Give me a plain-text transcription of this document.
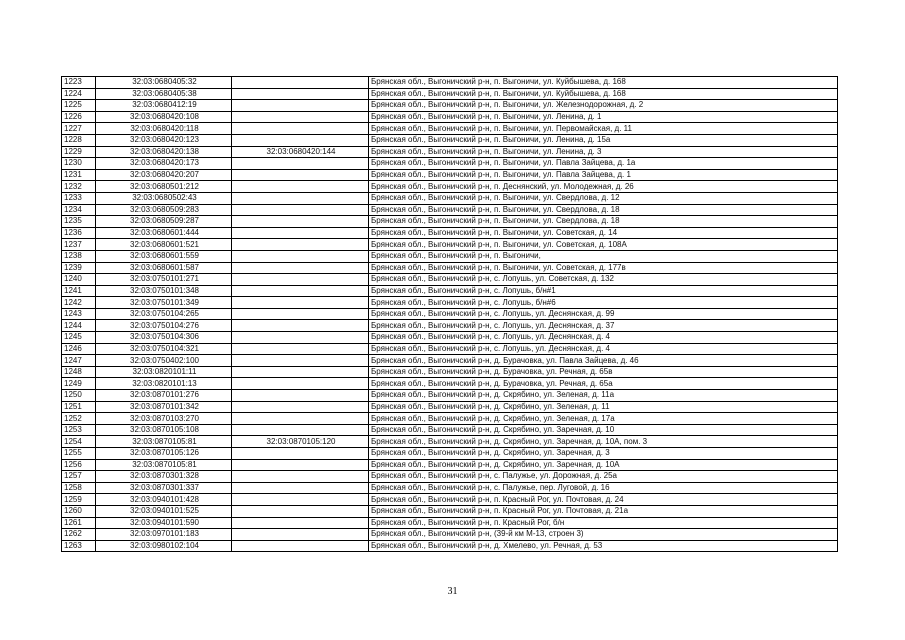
1223	32:03:0680405:32		Брянская обл., Выгоничский р-н, п. Выгоничи, ул. Куйбышева, д. 168
1224	32:03:0680405:38		Брянская обл., Выгоничский р-н, п. Выгоничи, ул. Куйбышева, д. 168
1225	32:03:0680412:19		Брянская обл., Выгоничский р-н, п. Выгоничи, ул. Железнодорожная, д. 2
1226	32:03:0680420:108		Брянская обл., Выгоничский р-н, п. Выгоничи, ул. Ленина, д. 1
1227	32:03:0680420:118		Брянская обл., Выгоничский р-н, п. Выгоничи, ул. Первомайская, д. 11
1228	32:03:0680420:123		Брянская обл., Выгоничский р-н, п. Выгоничи, ул. Ленина, д. 15а
1229	32:03:0680420:138	32:03:0680420:144	Брянская обл., Выгоничский р-н, п. Выгоничи, ул. Ленина, д. 3
1230	32:03:0680420:173		Брянская обл., Выгоничский р-н, п. Выгоничи, ул. Павла Зайцева, д. 1а
1231	32:03:0680420:207		Брянская обл., Выгоничский р-н, п. Выгоничи, ул. Павла Зайцева, д. 1
1232	32:03:0680501:212		Брянская обл., Выгоничский р-н, п. Деснянский, ул. Молодежная, д. 26
1233	32:03:0680502:43		Брянская обл., Выгоничский р-н, п. Выгоничи, ул. Свердлова, д. 12
1234	32:03:0680509:283		Брянская обл., Выгоничский р-н, п. Выгоничи, ул. Свердлова, д. 18
1235	32:03:0680509:287		Брянская обл., Выгоничский р-н, п. Выгоничи, ул. Свердлова, д. 18
1236	32:03:0680601:444		Брянская обл., Выгоничский р-н, п. Выгоничи, ул. Советская, д. 14
1237	32:03:0680601:521		Брянская обл., Выгоничский р-н, п. Выгоничи, ул. Советская, д. 108А
1238	32:03:0680601:559		Брянская обл., Выгоничский р-н, п. Выгоничи,
1239	32:03:0680601:587		Брянская обл., Выгоничский р-н, п. Выгоничи, ул. Советская, д. 177в
1240	32:03:0750101:271		Брянская обл., Выгоничский р-н, с. Лопушь, ул. Советская, д. 132
1241	32:03:0750101:348		Брянская обл., Выгоничский р-н, с. Лопушь, б/н#1
1242	32:03:0750101:349		Брянская обл., Выгоничский р-н, с. Лопушь, б/н#6
1243	32:03:0750104:265		Брянская обл., Выгоничский р-н, с. Лопушь, ул. Деснянская, д. 99
1244	32:03:0750104:276		Брянская обл., Выгоничский р-н, с. Лопушь, ул. Деснянская, д. 37
1245	32:03:0750104:306		Брянская обл., Выгоничский р-н, с. Лопушь, ул. Деснянская, д. 4
1246	32:03:0750104:321		Брянская обл., Выгоничский р-н, с. Лопушь, ул. Деснянская, д. 4
1247	32:03:0750402:100		Брянская обл., Выгоничский р-н, д. Бурачовка, ул. Павла Зайцева, д. 46
1248	32:03:0820101:11		Брянская обл., Выгоничский р-н, д. Бурачовка, ул. Речная, д. 65в
1249	32:03:0820101:13		Брянская обл., Выгоничский р-н, д. Бурачовка, ул. Речная, д. 65а
1250	32:03:0870101:276		Брянская обл., Выгоничский р-н, д. Скрябино, ул. Зеленая, д. 11а
1251	32:03:0870101:342		Брянская обл., Выгоничский р-н, д. Скрябино, ул. Зеленая, д. 11
1252	32:03:0870103:270		Брянская обл., Выгоничский р-н, д. Скрябино, ул. Зеленая, д. 17а
1253	32:03:0870105:108		Брянская обл., Выгоничский р-н, д. Скрябино, ул. Заречная, д. 10
1254	32:03:0870105:81	32:03:0870105:120	Брянская обл., Выгоничский р-н, д. Скрябино, ул. Заречная, д. 10А, пом. 3
1255	32:03:0870105:126		Брянская обл., Выгоничский р-н, д. Скрябино, ул. Заречная, д. 3
1256	32:03:0870105:81		Брянская обл., Выгоничский р-н, д. Скрябино, ул. Заречная, д. 10А
1257	32:03:0870301:328		Брянская обл., Выгоничский р-н, с. Палужье, ул. Дорожная, д. 25а
1258	32:03:0870301:337		Брянская обл., Выгоничский р-н, с. Палужье, пер. Луговой, д. 16
1259	32:03:0940101:428		Брянская обл., Выгоничский р-н, п. Красный Рог, ул. Почтовая, д. 24
1260	32:03:0940101:525		Брянская обл., Выгоничский р-н, п. Красный Рог, ул. Почтовая, д. 21а
1261	32:03:0940101:590		Брянская обл., Выгоничский р-н, п. Красный Рог, б/н
1262	32:03:0970101:183		Брянская обл., Выгоничский р-н, (39-й км М-13, строен 3)
1263	32:03:0980102:104		Брянская обл., Выгоничский р-н, д. Хмелево, ул. Речная, д. 53
31
